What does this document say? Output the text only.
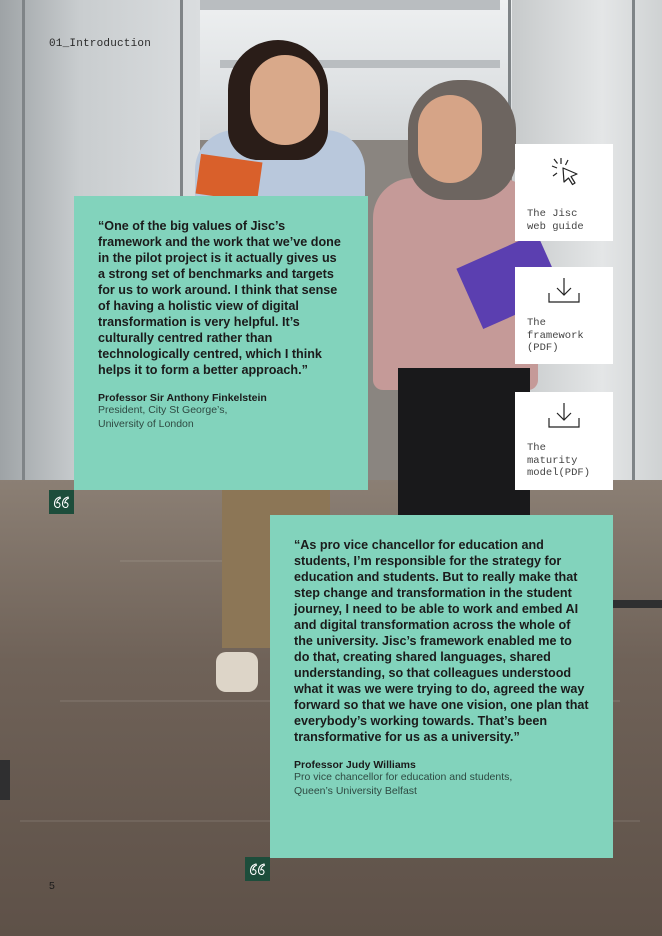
01_Introduction

“One of the big values of Jisc’s framework and the work that we’ve done in the pilot project is it actually gives us a strong set of benchmarks and targets for us to work around. I think that sense of having a holistic view of digital transformation is very helpful. It’s culturally centred rather than technologically centred, which I think helps it to form a better approach.”

Professor Sir Anthony Finkelstein

President, City St George’s,

University of London

The Jisc
web guide
The
framework
(PDF)
The
maturity
model(PDF)

“As pro vice chancellor for education and students, I’m responsible for the strategy for education and students. But to really make that step change and transformation in the student journey, I need to be able to work and embed AI and digital transformation across the whole of the university. Jisc’s framework enabled me to do that, creating shared languages, shared understanding, so that colleagues understood what it was we were trying to do, agreed the way forward so that we have one vision, one plan that everybody’s working towards. That’s been transformative for us as a university.”

Professor Judy Williams

Pro vice chancellor for education and students,

Queen’s University Belfast

5
